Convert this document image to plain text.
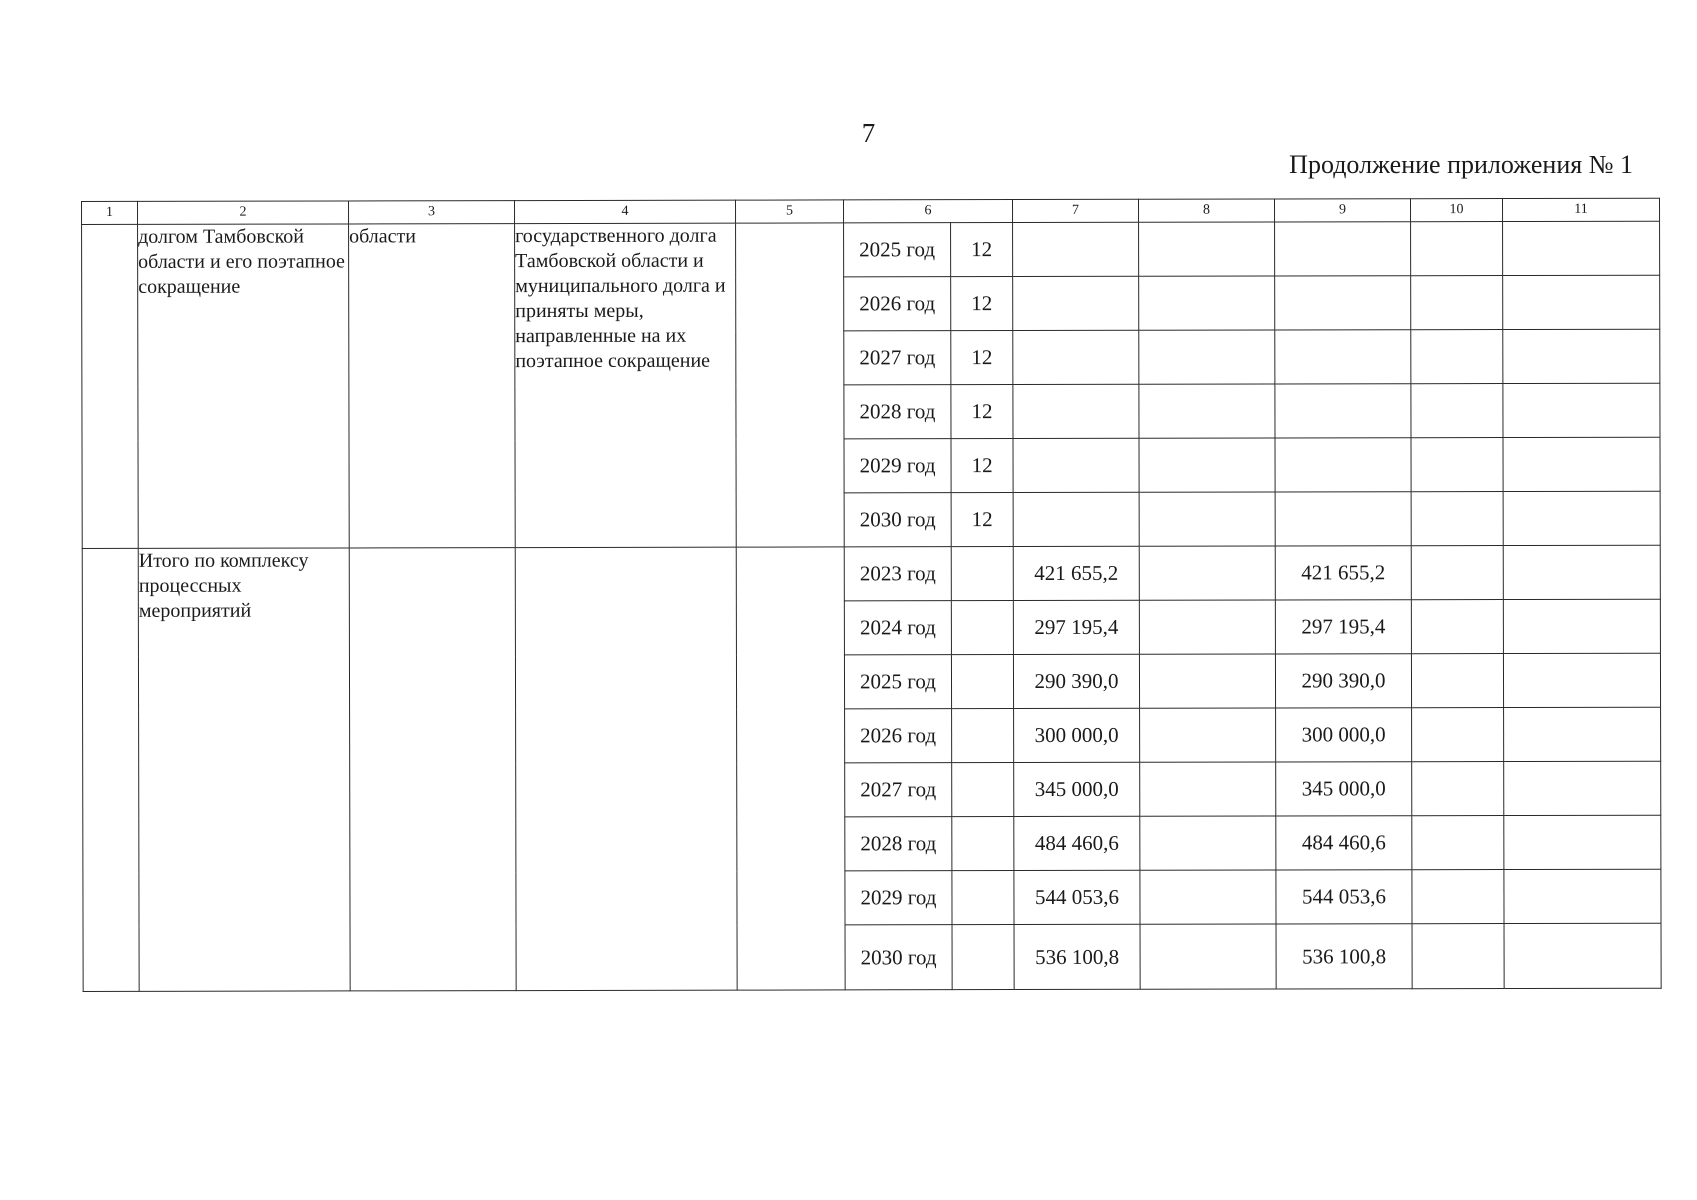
7
Продолжение приложения № 1
1	2	3	4	5	6		7	8	9	10	11
	долгом Тамбовской области и его поэтапное сокращение	области	государственного долга Тамбовской области и муниципального долга и приняты меры, направленные на их поэтапное сокращение		2025 год	12					
					2026 год	12					
					2027 год	12					
					2028 год	12					
					2029 год	12					
					2030 год	12					
	Итого по комплексу процессных мероприятий				2023 год		421 655,2		421 655,2		
					2024 год		297 195,4		297 195,4		
					2025 год		290 390,0		290 390,0		
					2026 год		300 000,0		300 000,0		
					2027 год		345 000,0		345 000,0		
					2028 год		484 460,6		484 460,6		
					2029 год		544 053,6		544 053,6		
					2030 год		536 100,8		536 100,8		
